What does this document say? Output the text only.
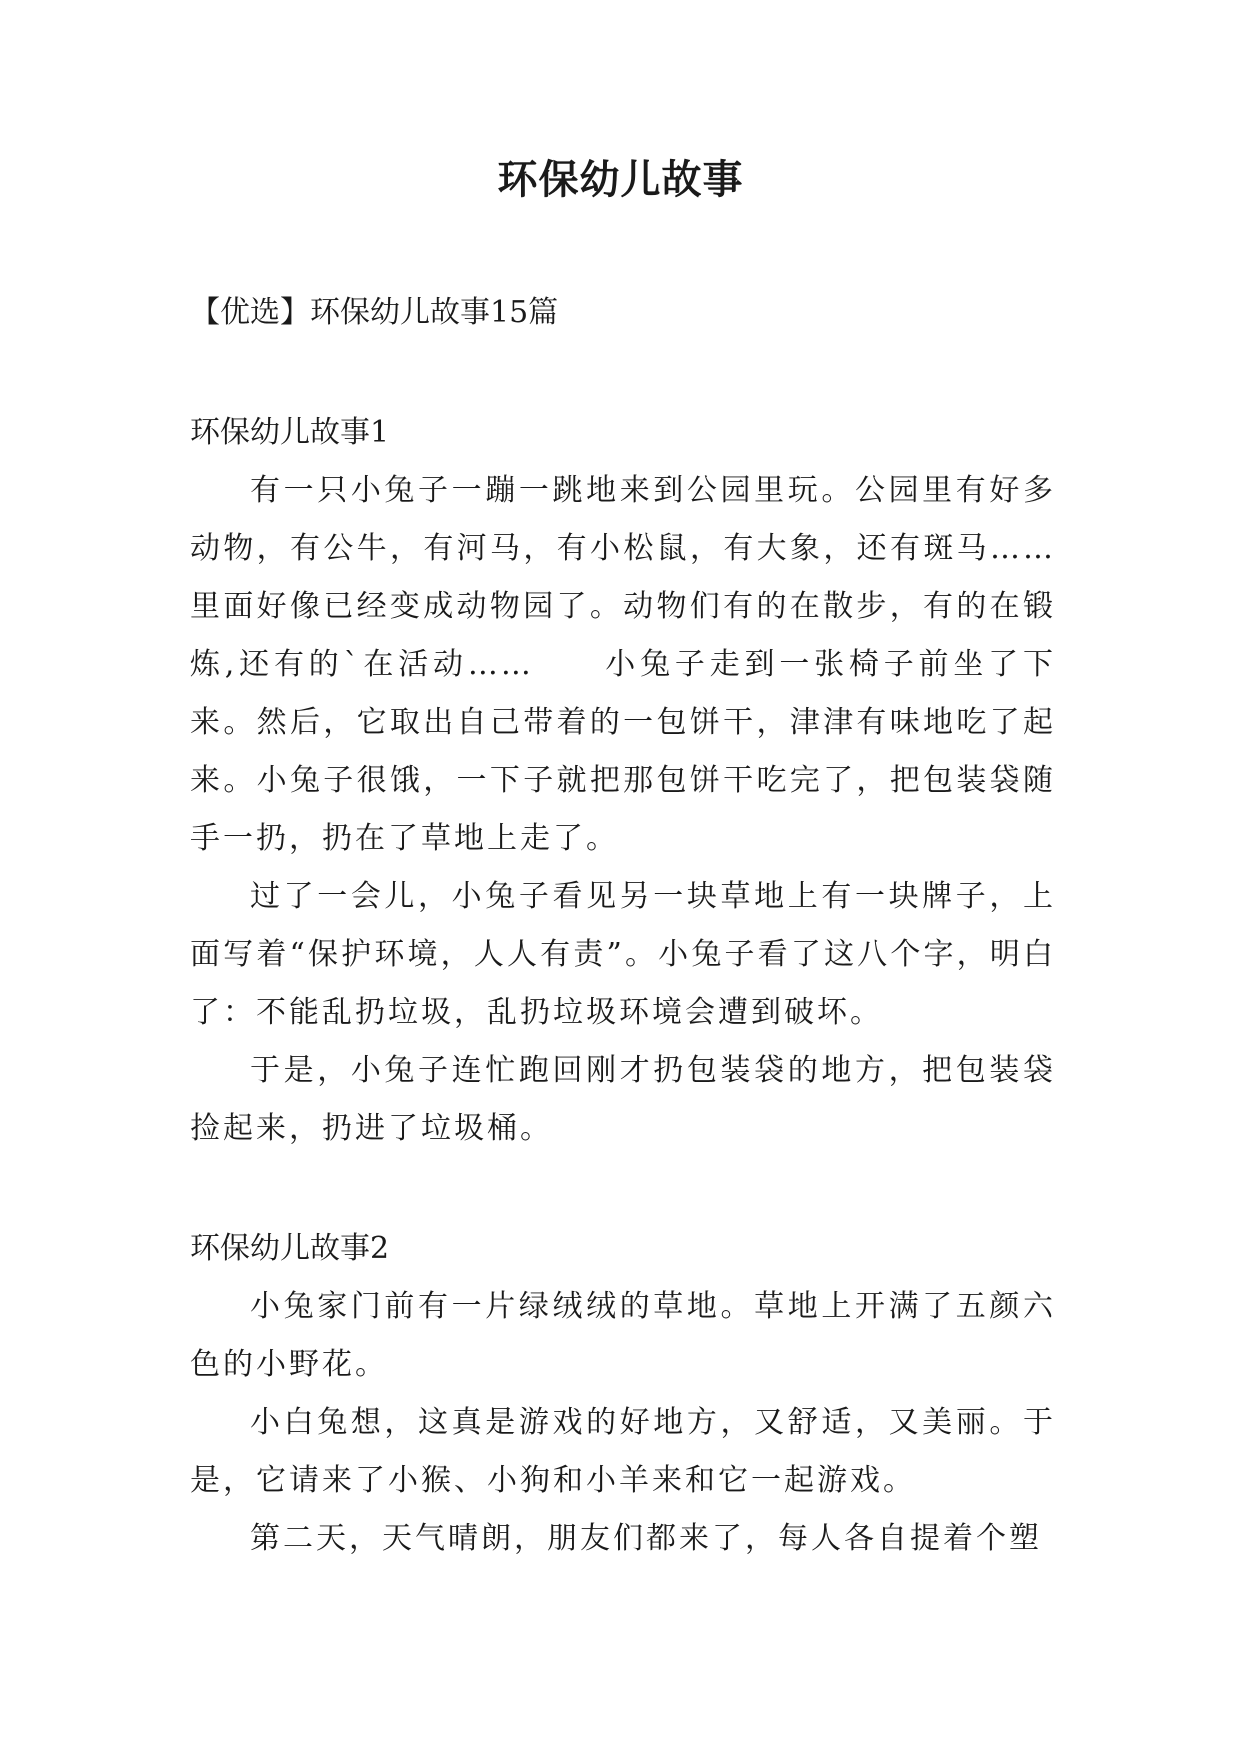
环保幼儿故事

【优选】环保幼儿故事15篇

环保幼儿故事1

有一只小兔子一蹦一跳地来到公园里玩。公园里有好多动物，有公牛，有河马，有小松鼠，有大象，还有斑马……里面好像已经变成动物园了。动物们有的在散步，有的在锻炼,还有的`在活动……　　小兔子走到一张椅子前坐了下来。然后，它取出自己带着的一包饼干，津津有味地吃了起来。小兔子很饿，一下子就把那包饼干吃完了，把包装袋随手一扔，扔在了草地上走了。

过了一会儿，小兔子看见另一块草地上有一块牌子，上面写着“保护环境，人人有责”。小兔子看了这八个字，明白了：不能乱扔垃圾，乱扔垃圾环境会遭到破坏。

于是，小兔子连忙跑回刚才扔包装袋的地方，把包装袋捡起来，扔进了垃圾桶。

环保幼儿故事2

小兔家门前有一片绿绒绒的草地。草地上开满了五颜六色的小野花。

小白兔想，这真是游戏的好地方，又舒适，又美丽。于是，它请来了小猴、小狗和小羊来和它一起游戏。

第二天，天气晴朗，朋友们都来了，每人各自提着个塑
